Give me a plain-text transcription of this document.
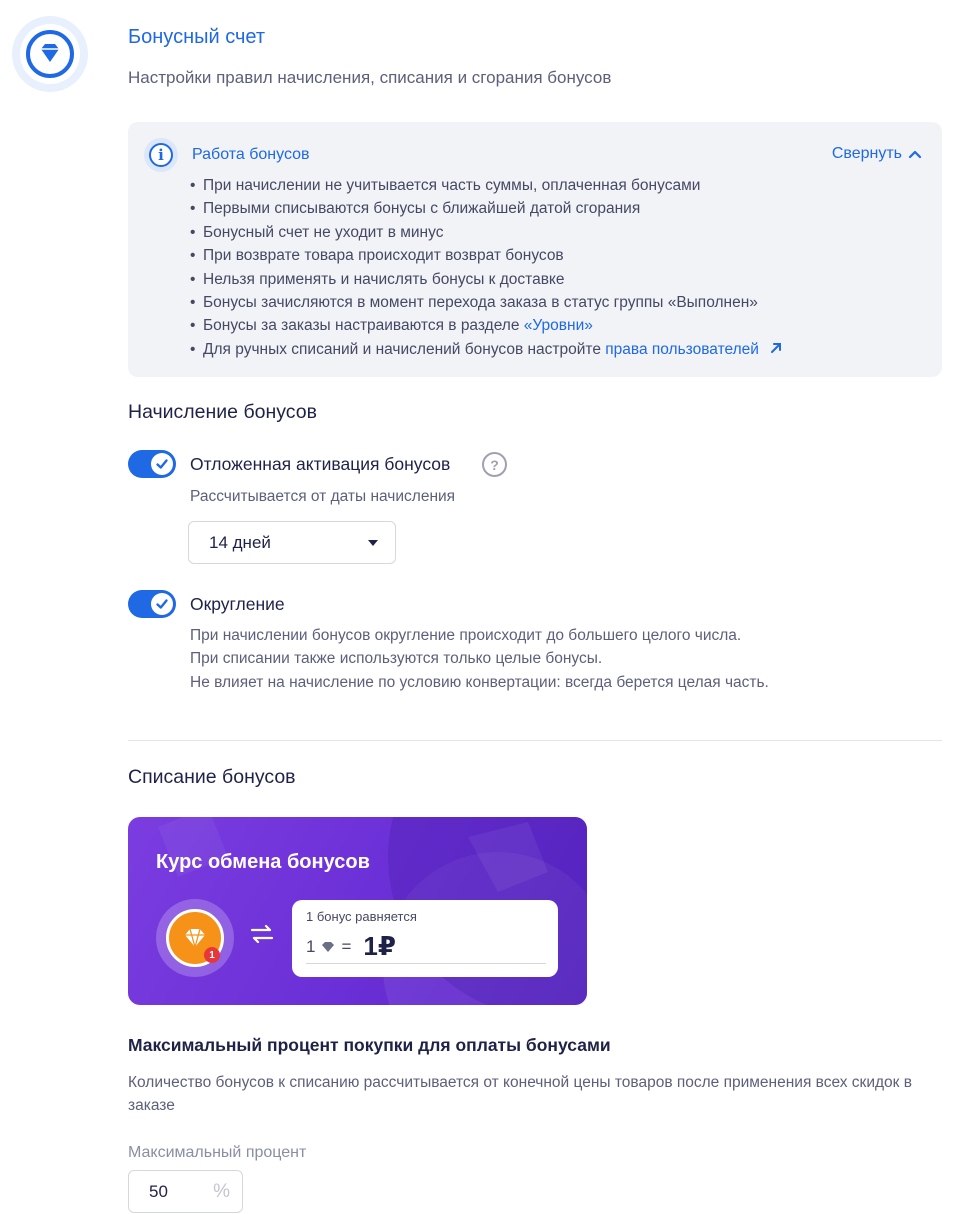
Бонусный счет
Настройки правил начисления, списания и сгорания бонусов
i	Работа бонусов	Свернуть
• При начислении не учитывается часть суммы, оплаченная бонусами
• Первыми списываются бонусы с ближайшей датой сгорания
• Бонусный счет не уходит в минус
• При возврате товара происходит возврат бонусов
• Нельзя применять и начислять бонусы к доставке
• Бонусы зачисляются в момент перехода заказа в статус группы «Выполнен»
• Бонусы за заказы настраиваются в разделе «Уровни»
• Для ручных списаний и начислений бонусов настройте права пользователей
Начисление бонусов
Отложенная активация бонусов	?
Рассчитывается от даты начисления
14 дней
Округление
При начислении бонусов округление происходит до большего целого числа.
При списании также используются только целые бонусы.
Не влияет на начисление по условию конвертации: всегда берется целая часть.
Списание бонусов
Курс обмена бонусов
1
1 бонус равняется
1 = 1₽
Максимальный процент покупки для оплаты бонусами
Количество бонусов к списанию рассчитывается от конечной цены товаров после применения всех скидок в заказе
Максимальный процент
50 %
